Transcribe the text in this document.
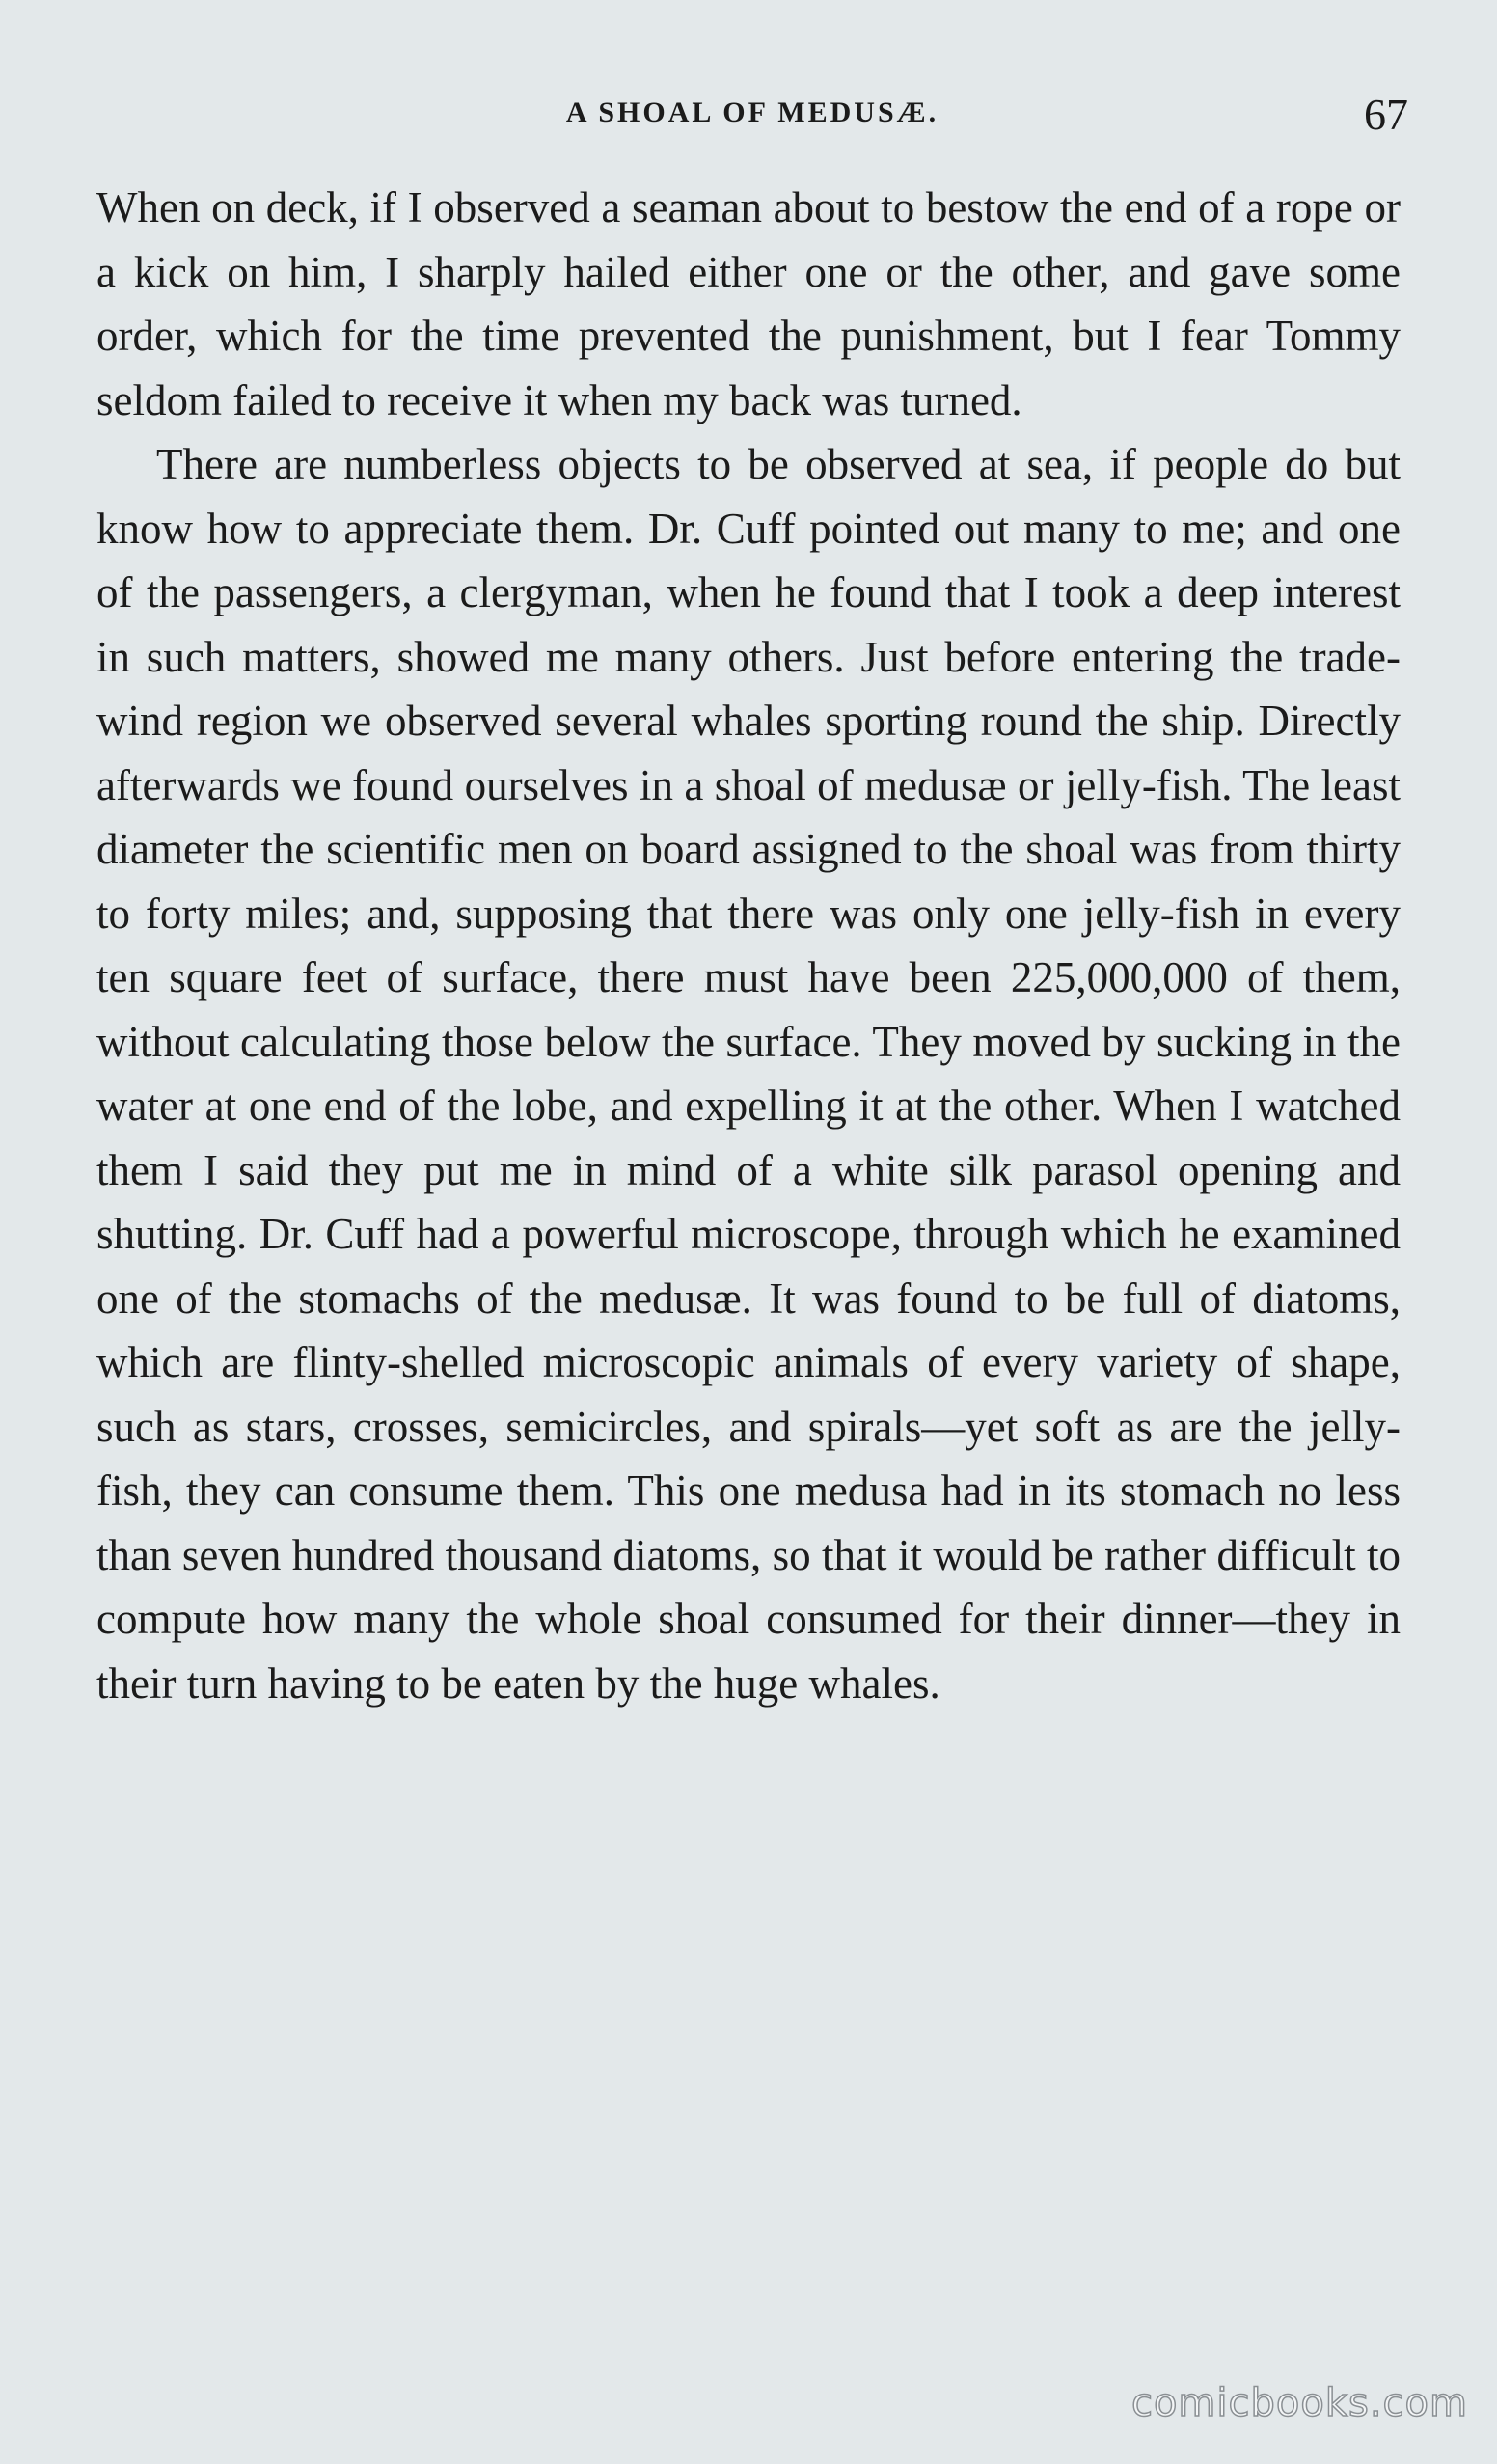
A SHOAL OF MEDUSÆ.	67

When on deck, if I observed a seaman about to bestow the end of a rope or a kick on him, I sharply hailed either one or the other, and gave some order, which for the time prevented the punishment, but I fear Tommy seldom failed to receive it when my back was turned.

There are numberless objects to be observed at sea, if people do but know how to appreciate them. Dr. Cuff pointed out many to me; and one of the passengers, a clergyman, when he found that I took a deep interest in such matters, showed me many others. Just before entering the trade-wind region we observed several whales sporting round the ship. Directly afterwards we found ourselves in a shoal of medusæ or jelly-fish. The least diameter the scientific men on board assigned to the shoal was from thirty to forty miles; and, supposing that there was only one jelly-fish in every ten square feet of surface, there must have been 225,000,000 of them, without calculating those below the surface. They moved by sucking in the water at one end of the lobe, and expelling it at the other. When I watched them I said they put me in mind of a white silk parasol opening and shutting. Dr. Cuff had a powerful microscope, through which he examined one of the stomachs of the medusæ. It was found to be full of diatoms, which are flinty-shelled microscopic animals of every variety of shape, such as stars, crosses, semicircles, and spirals—yet soft as are the jelly-fish, they can consume them. This one medusa had in its stomach no less than seven hundred thousand diatoms, so that it would be rather difficult to compute how many the whole shoal consumed for their dinner—they in their turn having to be eaten by the huge whales.

comicbooks.com
